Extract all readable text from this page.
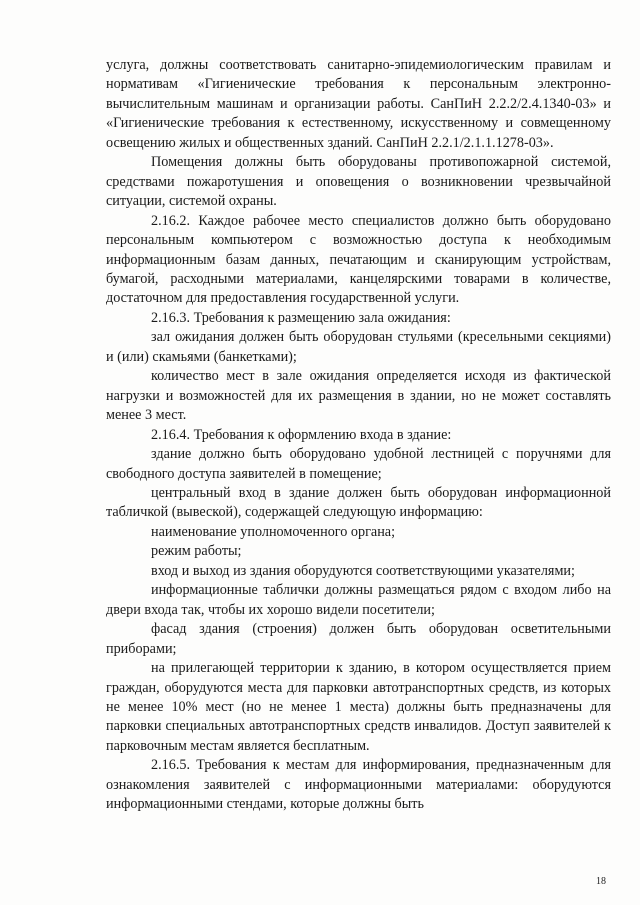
услуга, должны соответствовать санитарно-эпидемиологическим правилам и нормативам «Гигиенические требования к персональным электронно-вычислительным машинам и организации работы. СанПиН 2.2.2/2.4.1340-03» и «Гигиенические требования к естественному, искусственному и совмещенному освещению жилых и общественных зданий. СанПиН 2.2.1/2.1.1.1278-03».

Помещения должны быть оборудованы противопожарной системой, средствами пожаротушения и оповещения о возникновении чрезвычайной ситуации, системой охраны.

2.16.2. Каждое рабочее место специалистов должно быть оборудовано персональным компьютером с возможностью доступа к необходимым информационным базам данных, печатающим и сканирующим устройствам, бумагой, расходными материалами, канцелярскими товарами в количестве, достаточном для предоставления государственной услуги.

2.16.3. Требования к размещению зала ожидания:

зал ожидания должен быть оборудован стульями (кресельными секциями) и (или) скамьями (банкетками);

количество мест в зале ожидания определяется исходя из фактической нагрузки и возможностей для их размещения в здании, но не может составлять менее 3 мест.

2.16.4. Требования к оформлению входа в здание:

здание должно быть оборудовано удобной лестницей с поручнями для свободного доступа заявителей в помещение;

центральный вход в здание должен быть оборудован информационной табличкой (вывеской), содержащей следующую информацию:

наименование уполномоченного органа;

режим работы;

вход и выход из здания оборудуются соответствующими указателями;

информационные таблички должны размещаться рядом с входом либо на двери входа так, чтобы их хорошо видели посетители;

фасад здания (строения) должен быть оборудован осветительными приборами;

на прилегающей территории к зданию, в котором осуществляется прием граждан, оборудуются места для парковки автотранспортных средств, из которых не менее 10% мест (но не менее 1 места) должны быть предназначены для парковки специальных автотранспортных средств инвалидов. Доступ заявителей к парковочным местам является бесплатным.

2.16.5. Требования к местам для информирования, предназначенным для ознакомления заявителей с информационными материалами: оборудуются информационными стендами, которые должны быть

18
